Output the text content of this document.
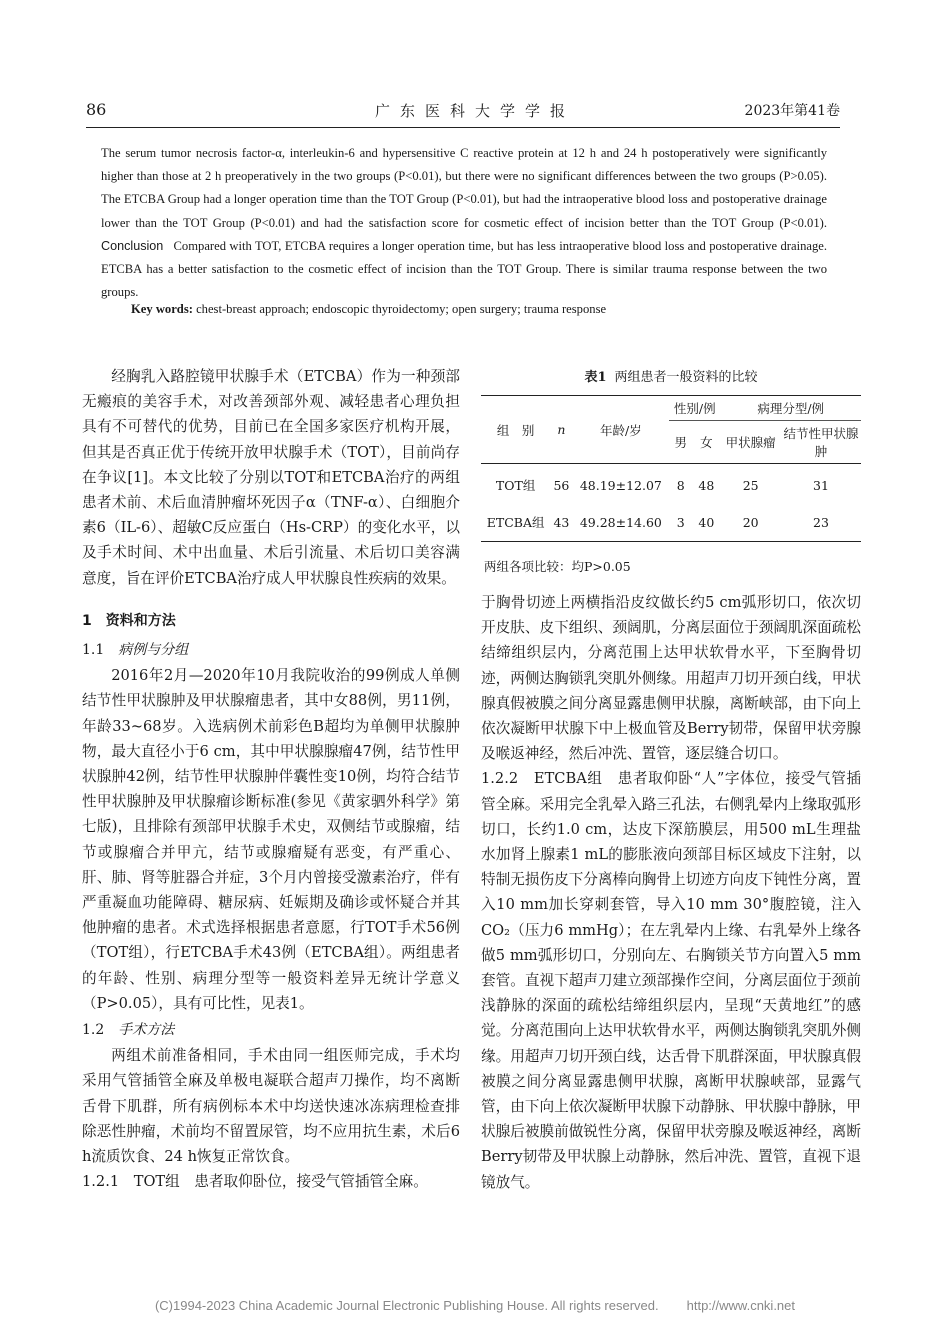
86	广东医科大学学报	2023年第41卷
The serum tumor necrosis factor-α, interleukin-6 and hypersensitive C reactive protein at 12 h and 24 h postoperatively were significantly higher than those at 2 h preoperatively in the two groups (P<0.01), but there were no significant differences between the two groups (P>0.05). The ETCBA Group had a longer operation time than the TOT Group (P<0.01), but had the intraoperative blood loss and postoperative drainage lower than the TOT Group (P<0.01) and had the satisfaction score for cosmetic effect of incision better than the TOT Group (P<0.01). Conclusion Compared with TOT, ETCBA requires a longer operation time, but has less intraoperative blood loss and postoperative drainage. ETCBA has a better satisfaction to the cosmetic effect of incision than the TOT Group. There is similar trauma response between the two groups.
Key words: chest-breast approach; endoscopic thyroidectomy; open surgery; trauma response

经胸乳入路腔镜甲状腺手术（ETCBA）作为一种颈部无瘢痕的美容手术，对改善颈部外观、减轻患者心理负担具有不可替代的优势，目前已在全国多家医疗机构开展，但其是否真正优于传统开放甲状腺手术（TOT），目前尚存在争议[1]。本文比较了分别以TOT和ETCBA治疗的两组患者术前、术后血清肿瘤坏死因子α（TNF-α）、白细胞介素6（IL-6）、超敏C反应蛋白（Hs-CRP）的变化水平，以及手术时间、术中出血量、术后引流量、术后切口美容满意度，旨在评价ETCBA治疗成人甲状腺良性疾病的效果。

1　资料和方法
1.1 病例与分组

2016年2月—2020年10月我院收治的99例成人单侧结节性甲状腺肿及甲状腺瘤患者，其中女88例，男11例，年龄33~68岁。入选病例术前彩色B超均为单侧甲状腺肿物，最大直径小于6 cm，其中甲状腺腺瘤47例，结节性甲状腺肿42例，结节性甲状腺肿伴囊性变10例，均符合结节性甲状腺肿及甲状腺瘤诊断标准(参见《黄家驷外科学》第七版)，且排除有颈部甲状腺手术史，双侧结节或腺瘤，结节或腺瘤合并甲亢，结节或腺瘤疑有恶变，有严重心、肝、肺、肾等脏器合并症，3个月内曾接受激素治疗，伴有严重凝血功能障碍、糖尿病、妊娠期及确诊或怀疑合并其他肿瘤的患者。术式选择根据患者意愿，行TOT手术56例（TOT组），行ETCBA手术43例（ETCBA组）。两组患者的年龄、性别、病理分型等一般资料差异无统计学意义（P>0.05），具有可比性，见表1。

1.2 手术方法

两组术前准备相同，手术由同一组医师完成，手术均采用气管插管全麻及单极电凝联合超声刀操作，均不离断舌骨下肌群，所有病例标本术中均送快速冰冻病理检查排除恶性肿瘤，术前均不留置尿管，均不应用抗生素，术后6 h流质饮食、24 h恢复正常饮食。

1.2.1　TOT组　患者取仰卧位，接受气管插管全麻。

表1 两组患者一般资料的比较
组　别	n	年龄/岁	性别/例		病理分型/例	
			男	女	甲状腺瘤	结节性甲状腺肿
TOT组	56	48.19±12.07	8	48	25	31
ETCBA组	43	49.28±14.60	3	40	20	23
两组各项比较：均P>0.05

于胸骨切迹上两横指沿皮纹做长约5 cm弧形切口，依次切开皮肤、皮下组织、颈阔肌，分离层面位于颈阔肌深面疏松结缔组织层内，分离范围上达甲状软骨水平，下至胸骨切迹，两侧达胸锁乳突肌外侧缘。用超声刀切开颈白线，甲状腺真假被膜之间分离显露患侧甲状腺，离断峡部，由下向上依次凝断甲状腺下中上极血管及Berry韧带，保留甲状旁腺及喉返神经，然后冲洗、置管，逐层缝合切口。

1.2.2　ETCBA组　患者取仰卧“人”字体位，接受气管插管全麻。采用完全乳晕入路三孔法，右侧乳晕内上缘取弧形切口，长约1.0 cm，达皮下深筋膜层，用500 mL生理盐水加肾上腺素1 mL的膨胀液向颈部目标区域皮下注射，以特制无损伤皮下分离棒向胸骨上切迹方向皮下钝性分离，置入10 mm加长穿刺套管，导入10 mm 30°腹腔镜，注入CO₂（压力6 mmHg）；在左乳晕内上缘、右乳晕外上缘各做5 mm弧形切口，分别向左、右胸锁关节方向置入5 mm套管。直视下超声刀建立颈部操作空间，分离层面位于颈前浅静脉的深面的疏松结缔组织层内，呈现“天黄地红”的感觉。分离范围向上达甲状软骨水平，两侧达胸锁乳突肌外侧缘。用超声刀切开颈白线，达舌骨下肌群深面，甲状腺真假被膜之间分离显露患侧甲状腺，离断甲状腺峡部，显露气管，由下向上依次凝断甲状腺下动静脉、甲状腺中静脉，甲状腺后被膜前做锐性分离，保留甲状旁腺及喉返神经，离断Berry韧带及甲状腺上动静脉，然后冲洗、置管，直视下退镜放气。

(C)1994-2023 China Academic Journal Electronic Publishing House. All rights reserved. http://www.cnki.net
